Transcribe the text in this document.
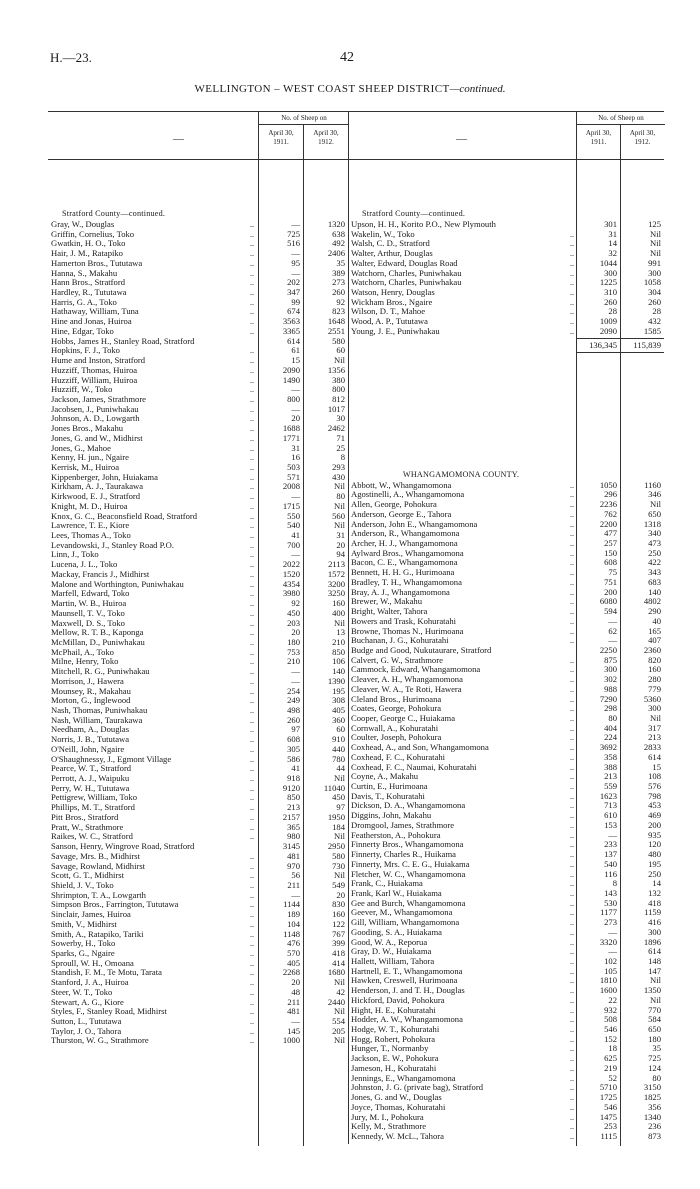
H.—23.	42
WELLINGTON – WEST COAST SHEEP DISTRICT—continued.
—
No. of Sheep on
April 30,
1911.
April 30,
1912.
Stratford County—continued.
Gray, W., Douglas	..	—	1320
Griffin, Cornelius, Toko	..	725	638
Gwatkin, H. O., Toko	..	516	492
Hair, J. M., Ratapiko	..	—	2406
Hamerton Bros., Tututawa	..	95	35
Hanna, S., Makahu	..	—	389
Hann Bros., Stratford	..	202	273
Hardley, R., Tututawa	..	347	260
Harris, G. A., Toko	..	99	92
Hathaway, William, Tuna	..	674	823
Hine and Jonas, Huiroa	..	3563	1648
Hine, Edgar, Toko	..	3365	2551
Hobbs, James H., Stanley Road, Stratford	614	580
Hopkins, F. J., Toko	..	61	60
Hume and Inston, Stratford	..	15	Nil
Huzziff, Thomas, Huiroa	..	2090	1356
Huzziff, William, Huiroa	..	1490	380
Huzziff, W., Toko	..	—	800
Jackson, James, Strathmore	..	800	812
Jacobsen, J., Puniwhakau	..	—	1017
Johnson, A. D., Lowgarth	..	20	30
Jones Bros., Makahu	..	1688	2462
Jones, G. and W., Midhirst	..	1771	71
Jones, G., Mahoe	..	31	25
Kenny, H. jun., Ngaire	..	16	8
Kerrisk, M., Huiroa	..	503	293
Kippenberger, John, Huiakama	..	571	430
Kirkham, A. J., Taurakawa	..	2008	Nil
Kirkwood, E. J., Stratford	..	—	80
Knight, M. D., Huiroa	..	1715	Nil
Knox, G. C., Beaconsfield Road, Stratford	..	550	560
Lawrence, T. E., Kiore	..	540	Nil
Lees, Thomas A., Toko	..	41	31
Levandowski, J., Stanley Road P.O.	..	700	20
Linn, J., Toko	..	—	94
Lucena, J. L., Toko	..	2022	2113
Mackay, Francis J., Midhirst	..	1520	1572
Malone and Worthington, Puniwhakau	..	4354	3200
Marfell, Edward, Toko	..	3980	3250
Martin, W. B., Huiroa	..	92	160
Maunsell, T. V., Toko	..	450	400
Maxwell, D. S., Toko	..	203	Nil
Mellow, R. T. B., Kaponga	..	20	13
McMillan, D., Puniwhakau	..	180	210
McPhail, A., Toko	..	753	850
Milne, Henry, Toko	..	210	106
Mitchell, R. G., Puniwhakau	..	—	140
Morrison, J., Hawera	..	—	1390
Mounsey, R., Makahau	..	254	195
Morton, G., Inglewood	..	249	308
Nash, Thomas, Puniwhakau	..	498	405
Nash, William, Taurakawa	..	260	360
Needham, A., Douglas	..	97	60
Norris, J. B., Tututawa	..	608	910
O'Neill, John, Ngaire	..	305	440
O'Shaughnessy, J., Egmont Village	..	586	780
Pearce, W. T., Stratford	..	41	44
Perrott, A. J., Waipuku	..	918	Nil
Perry, W. H., Tututawa	..	9120	11040
Pettigrew, William, Toko	..	850	450
Phillips, M. T., Stratford	..	213	97
Pitt Bros., Stratford	..	2157	1950
Pratt, W., Strathmore	..	365	184
Raikes, W. C., Stratford	..	980	Nil
Sanson, Henry, Wingrove Road, Stratford	3145	2950
Savage, Mrs. B., Midhirst	..	481	580
Savage, Rowland, Midhirst	..	970	730
Scott, G. T., Midhirst	..	56	Nil
Shield, J. V., Toko	..	211	549
Shrimpton, T. A., Lowgarth	..	—	20
Simpson Bros., Farrington, Tututawa	..	1144	830
Sinclair, James, Huiroa	..	189	160
Smith, V., Midhirst	..	104	122
Smith, A., Ratapiko, Tariki	..	1148	767
Sowerby, H., Toko	..	476	399
Sparks, G., Ngaire	..	570	418
Sproull, W. H., Omoana	..	405	414
Standish, F. M., Te Motu, Tarata	..	2268	1680
Stanford, J. A., Huiroa	..	20	Nil
Steer, W. T., Toko	..	48	42
Stewart, A. G., Kiore	..	211	2440
Styles, F., Stanley Road, Midhirst	..	481	Nil
Sutton, L., Tututawa	..	—	554
Taylor, J. O., Tahora	..	145	205
Thurston, W. G., Strathmore	..	1000	Nil
—
No. of Sheep on
April 30,
1911.
April 30,
1912.
Stratford County—continued.
Upson, H. H., Korito P.O., New Plymouth	301	125
Wakelin, W., Toko	..	31	Nil
Walsh, C. D., Stratford	..	14	Nil
Walter, Arthur, Douglas	..	32	Nil
Walter, Edward, Douglas Road	..	1044	991
Watchorn, Charles, Puniwhakau	..	300	300
Watchorn, Charles, Puniwhakau	..	1225	1058
Watson, Henry, Douglas	..	310	304
Wickham Bros., Ngaire	..	260	260
Wilson, D. T., Mahoe	..	28	28
Wood, A. P., Tututawa	..	1009	432
Young, J. E., Puniwhakau	..	2090	1585
136,345	115,839
WHANGAMOMONA COUNTY.
Abbott, W., Whangamomona	..	1050	1160
Agostinelli, A., Whangamomona	..	296	346
Allen, George, Pohokura	..	2236	Nil
Anderson, George E., Tahora	..	762	650
Anderson, John E., Whangamomona	..	2200	1318
Anderson, R., Whangamomona	..	477	340
Archer, H. J., Whangamomona	..	257	473
Aylward Bros., Whangamomona	..	150	250
Bacon, C. E., Whangamomona	..	608	422
Bennett, H. H. G., Hurimoana	..	75	343
Bradley, T. H., Whangamomona	..	751	683
Bray, A. J., Whangamomona	..	200	140
Brewer, W., Makahu	..	6080	4802
Bright, Walter, Tahora	..	594	290
Bowers and Trask, Kohuratahi	..	—	40
Browne, Thomas N., Hurimoana	..	62	165
Buchanan, J. G., Kohuratahi	..	—	407
Budge and Good, Nukutaurare, Stratford	2250	2360
Calvert, G. W., Strathmore	..	875	820
Cammock, Edward, Whangamomona	..	300	160
Cleaver, A. H., Whangamomona	..	302	280
Cleaver, W. A., Te Roti, Hawera	..	988	779
Cleland Bros., Hurimoana	..	7290	5360
Coates, George, Pohokura	..	298	300
Cooper, George C., Huiakama	..	80	Nil
Cornwall, A., Kohuratahi	..	404	317
Coulter, Joseph, Pohokura	..	224	213
Coxhead, A., and Son, Whangamomona	..	3692	2833
Coxhead, F. C., Kohuratahi	..	358	614
Coxhead, F. C., Naumai, Kohuratahi	..	388	15
Coyne, A., Makahu	..	213	108
Curtin, E., Hurimoana	..	559	576
Davis, T., Kohuratahi	..	1623	798
Dickson, D. A., Whangamomona	..	713	453
Diggins, John, Makahu	..	610	469
Dromgool, James, Strathmore	..	153	200
Featherston, A., Pohokura	..	—	935
Finnerty Bros., Whangamomona	..	233	120
Finnerty, Charles R., Huikama	..	137	480
Finnerty, Mrs. C. E. G., Huiakama	..	540	195
Fletcher, W. C., Whangamomona	..	116	250
Frank, C., Huiakama	..	8	14
Frank, Karl W., Huiakama	..	143	132
Gee and Burch, Whangamomona	..	530	418
Geever, M., Whangamomona	..	1177	1159
Gill, William, Whangamomona	..	273	416
Gooding, S. A., Huiakama	..	—	300
Good, W. A., Reporua	..	3320	1896
Gray, D. W., Huiakama	..	—	614
Hallett, William, Tahora	..	102	148
Hartnell, E. T., Whangamomona	..	105	147
Hawken, Creswell, Hurimoana	..	1810	Nil
Henderson, J. and T. H., Douglas	..	1600	1350
Hickford, David, Pohokura	..	22	Nil
Hight, H. E., Kohuratahi	..	932	770
Hodder, A. W., Whangamomona	..	508	584
Hodge, W. T., Kohuratahi	..	546	650
Hogg, Robert, Pohokura	..	152	180
Hunger, T., Normanby	..	18	35
Jackson, E. W., Pohokura	..	625	725
Jameson, H., Kohuratahi	..	219	124
Jennings, E., Whangamomona	..	52	80
Johnston, J. G. (private bag), Stratford	..	5710	3150
Jones, G. and W., Douglas	..	1725	1825
Joyce, Thomas, Kohuratahi	..	546	356
Jury, M. I., Pohokura	..	1475	1340
Kelly, M., Strathmore	..	253	236
Kennedy, W. McL., Tahora	..	1115	873
